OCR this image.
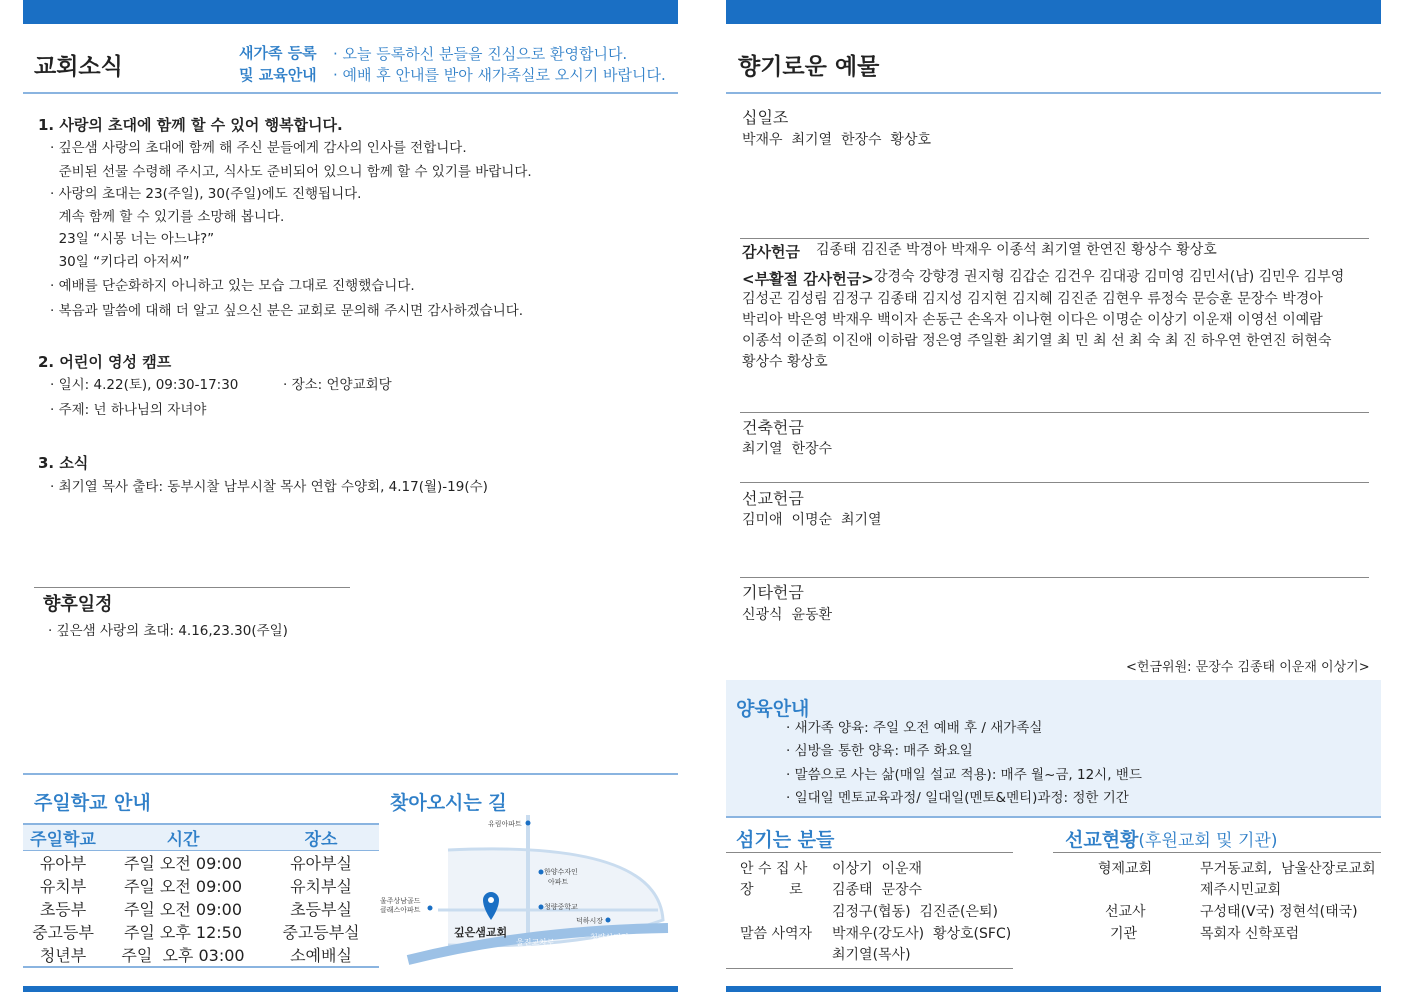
교회소식
새가족 등록
및 교육안내
· 오늘 등록하신 분들을 진심으로 환영합니다.
· 예배 후 안내를 받아 새가족실로 오시기 바랍니다.
1. 사랑의 초대에 함께 할 수 있어 행복합니다.
· 깊은샘 사랑의 초대에 함께 해 주신 분들에게 감사의 인사를 전합니다.
준비된 선물 수령해 주시고, 식사도 준비되어 있으니 함께 할 수 있기를 바랍니다.
· 사랑의 초대는 23(주일), 30(주일)에도 진행됩니다.
계속 함께 할 수 있기를 소망해 봅니다.
23일 “시몽 너는 아느냐?”
30일 “키다리 아저씨”
· 예배를 단순화하지 아니하고 있는 모습 그대로 진행했습니다.
· 복음과 말씀에 대해 더 알고 싶으신 분은 교회로 문의해 주시면 감사하겠습니다.
2. 어린이 영성 캠프
· 일시: 4.22(토), 09:30-17:30	· 장소: 언양교회당
· 주제: 넌 하나님의 자녀야
3. 소식
· 최기열 목사 출타: 동부시찰 남부시찰 목사 연합 수양회, 4.17(월)-19(수)
향후일정
· 깊은샘 사랑의 초대: 4.16,23.30(주일)
주일학교 안내
주일학교	시간	장소

유아부	주일 오전 09:00	유아부실
유치부	주일 오전 09:00	유치부실
초등부	주일 오전 09:00	초등부실
중고등부	주일 오후 12:50	중고등부실
청년부	주일  오후 03:00	소예배실
찾아오시는 길
유림아파트
한양수자인
아파트
울주상남골드
클래스아파트	청량중학교
덕하시장
깊은샘교회
울진교차로
청량삼거리
향기로운 예물
십일조
박재우  최기열  한장수  황상호
감사헌금 김종태 김진준 박경아 박재우 이종석 최기열 한연진 황상수 황상호
<부활절 감사헌금> 강경숙 강향경 권지형 김갑순 김건우 김대광 김미영 김민서(남) 김민우 김부영
김성곤 김성림 김정구 김종태 김지성 김지현 김지혜 김진준 김현우 류정숙 문승훈 문장수 박경아
박리아 박은영 박재우 백이자 손동근 손옥자 이나현 이다은 이명순 이상기 이운재 이영선 이예람
이종석 이준희 이진애 이하람 정은영 주일환 최기열 최 민 최 선 최 숙 최 진 하우연 한연진 허현숙
황상수 황상호
건축헌금
최기열  한장수
선교헌금
김미애  이명순  최기열
기타헌금
신광식  윤동환
<헌금위원: 문장수 김종태 이운재 이상기>
양육안내
· 새가족 양육: 주일 오전 예배 후 / 새가족실
· 심방을 통한 양육: 매주 화요일
· 말씀으로 사는 삶(매일 설교 적용): 매주 월~금, 12시, 밴드
· 일대일 멘토교육과정/ 일대일(멘토&멘티)과정: 정한 기간
섬기는 분들
안 수 집 사 이상기  이운재
장        로 김종태  문장수
김정구(협동)  김진준(은퇴)
말씀 사역자 박재우(강도사)  황상호(SFC)
최기열(목사)
선교현황(후원교회 및 기관)
형제교회	무거동교회,  남울산장로교회
제주시민교회
선교사	구성태(V국) 정현석(태국)
기관	목회자 신학포럼
